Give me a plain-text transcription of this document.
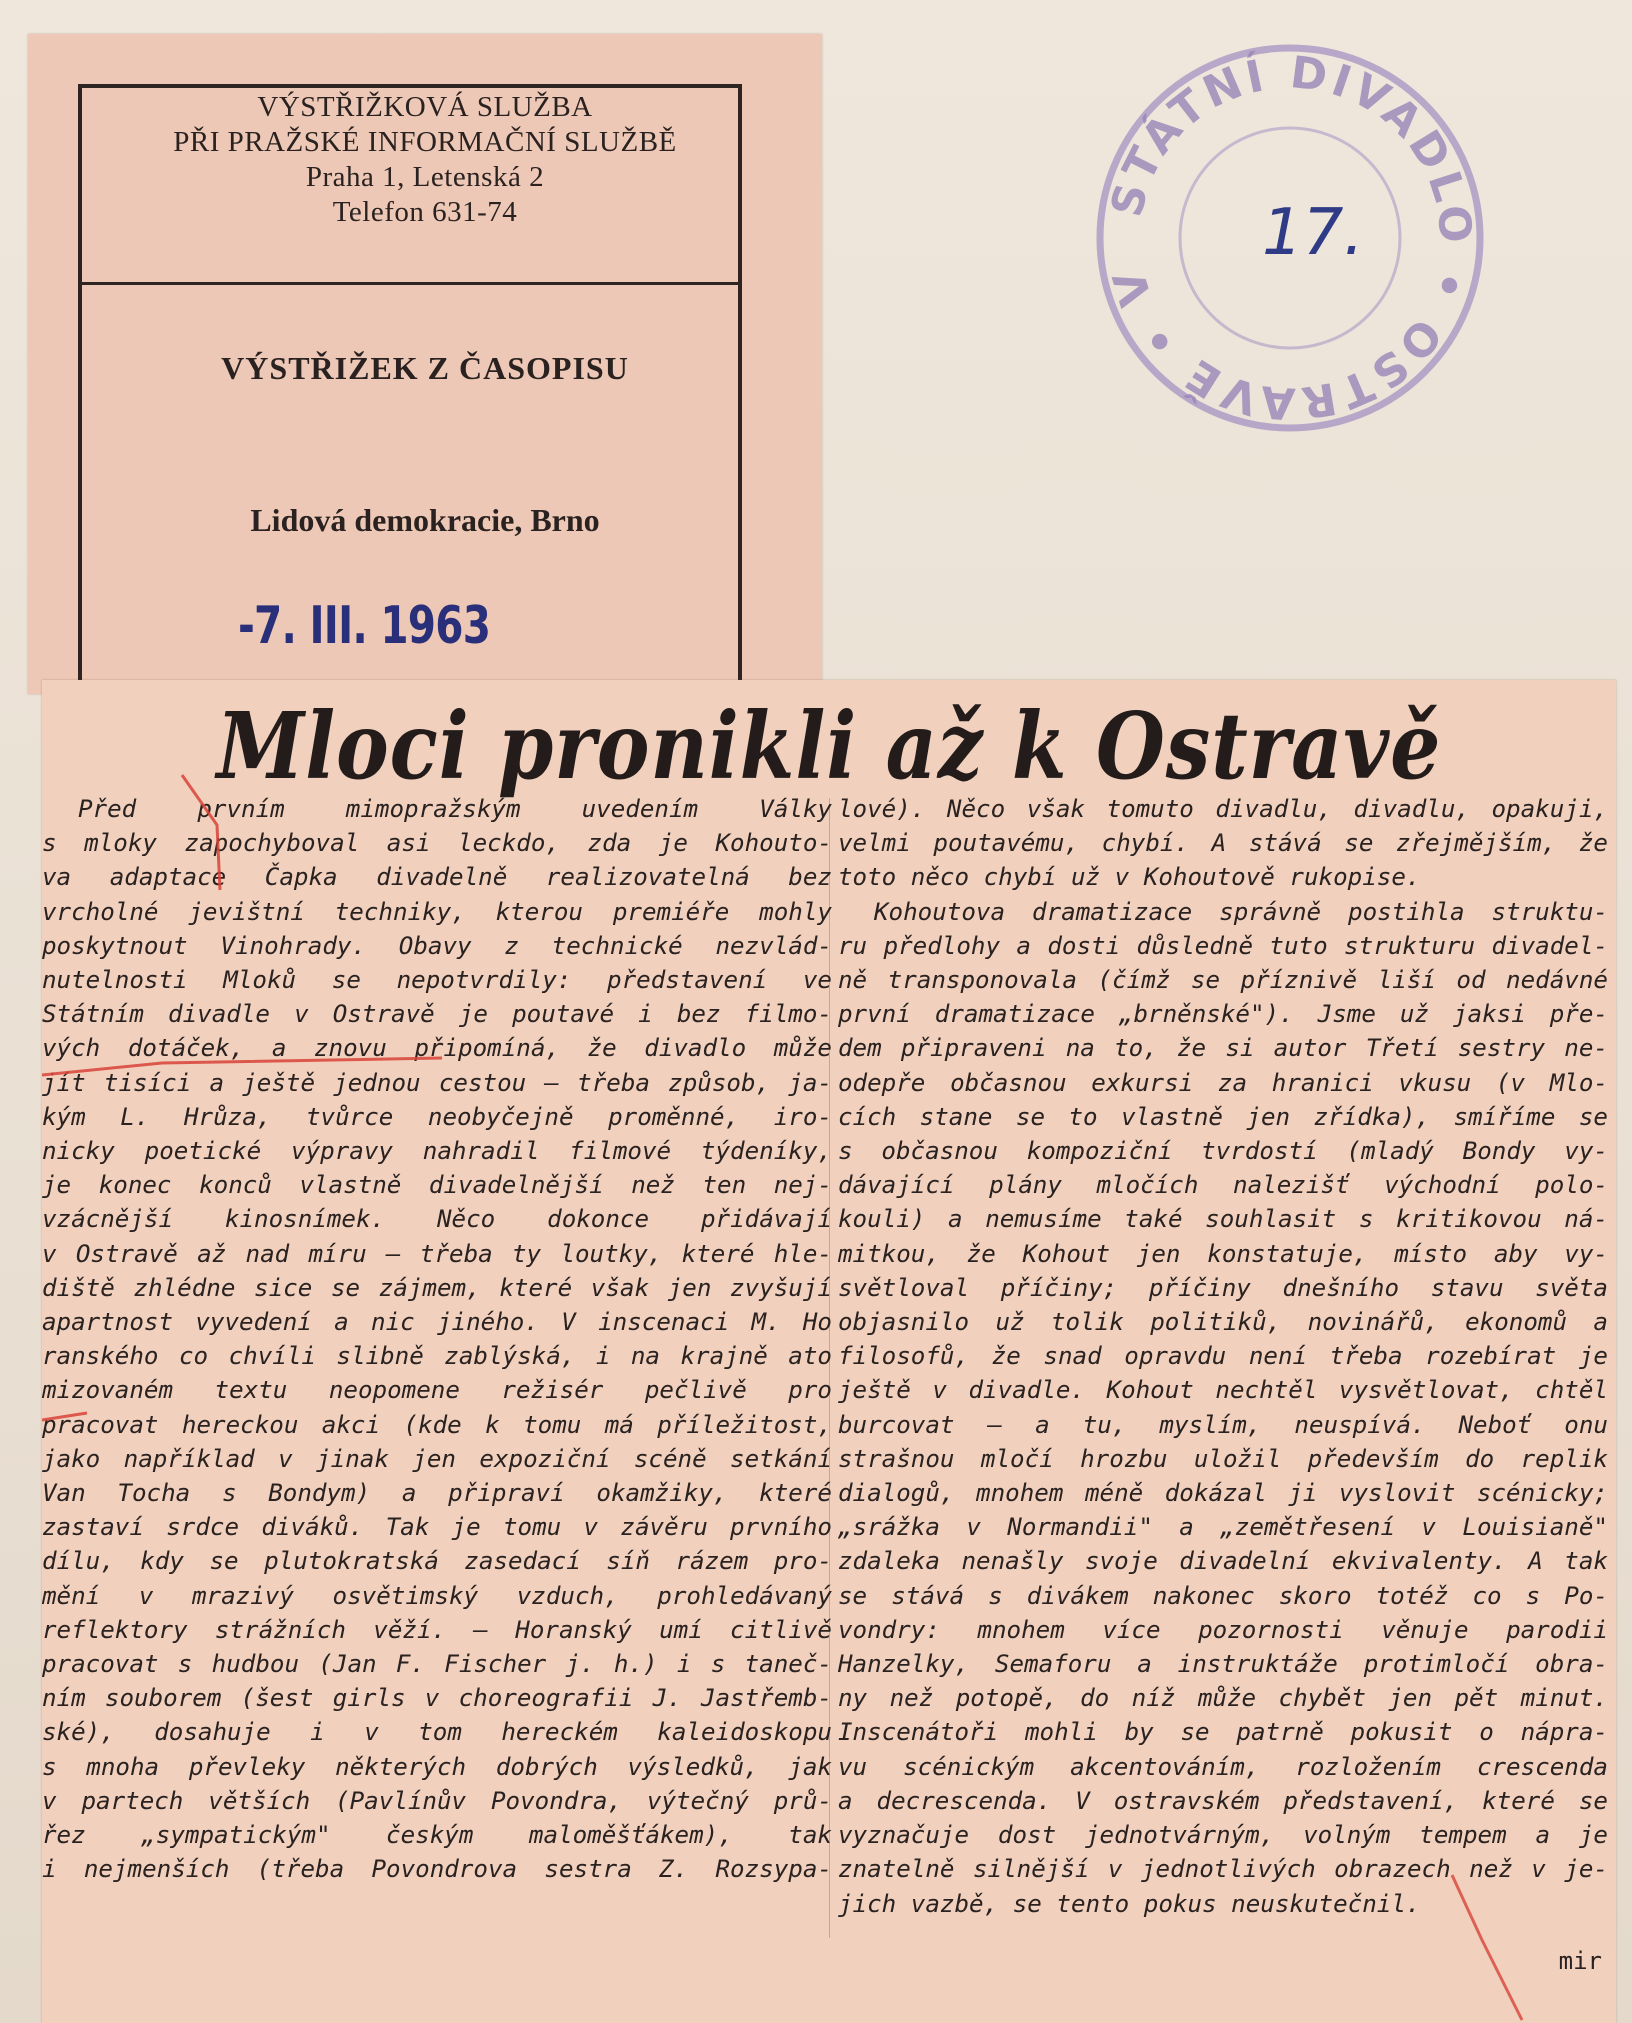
VÝSTŘIŽKOVÁ SLUŽBA
PŘI PRAŽSKÉ INFORMAČNÍ SLUŽBĚ
Praha 1, Letenská 2
Telefon 631-74
VÝSTŘIŽEK Z ČASOPISU
Lidová demokracie, Brno
-7. III. 1963
STÁTNÍ DIVADLO • OSTRAVĚ • V
17.
Mloci pronikli až k Ostravě
Před prvním mimopražským uvedením Války
s mloky zapochyboval asi leckdo, zda je Kohouto-
va adaptace Čapka divadelně realizovatelná bez
vrcholné jevištní techniky, kterou premiéře mohly
poskytnout Vinohrady. Obavy z technické nezvlád-
nutelnosti Mloků se nepotvrdily: představení ve
Státním divadle v Ostravě je poutavé i bez filmo-
vých dotáček, a znovu připomíná, že divadlo může
jít tisíci a ještě jednou cestou — třeba způsob, ja-
kým L. Hrůza, tvůrce neobyčejně proměnné, iro-
nicky poetické výpravy nahradil filmové týdeníky,
je konec konců vlastně divadelnější než ten nej-
vzácnější kinosnímek. Něco dokonce přidávají
v Ostravě až nad míru — třeba ty loutky, které hle-
diště zhlédne sice se zájmem, které však jen zvyšují
apartnost vyvedení a nic jiného. V inscenaci M. Ho
ranského co chvíli slibně zablýská, i na krajně ato
mizovaném textu neopomene režisér pečlivě pro
pracovat hereckou akci (kde k tomu má příležitost,
jako například v jinak jen expoziční scéně setkání
Van Tocha s Bondym) a připraví okamžiky, které
zastaví srdce diváků. Tak je tomu v závěru prvního
dílu, kdy se plutokratská zasedací síň rázem pro-
mění v mrazivý osvětimský vzduch, prohledávaný
reflektory strážních věží. — Horanský umí citlivě
pracovat s hudbou (Jan F. Fischer j. h.) i s taneč-
ním souborem (šest girls v choreografii J. Jastřemb-
ské), dosahuje i v tom hereckém kaleidoskopu
s mnoha převleky některých dobrých výsledků, jak
v partech větších (Pavlínův Povondra, výtečný prů-
řez „sympatickým" českým maloměšťákem), tak
i nejmenších (třeba Povondrova sestra Z. Rozsypa-
lové). Něco však tomuto divadlu, divadlu, opakuji,
velmi poutavému, chybí. A stává se zřejmějším, že
toto něco chybí už v Kohoutově rukopise.
Kohoutova dramatizace správně postihla struktu-
ru předlohy a dosti důsledně tuto strukturu divadel-
ně transponovala (čímž se příznivě liší od nedávné
první dramatizace „brněnské"). Jsme už jaksi pře-
dem připraveni na to, že si autor Třetí sestry ne-
odepře občasnou exkursi za hranici vkusu (v Mlo-
cích stane se to vlastně jen zřídka), smíříme se
s občasnou kompoziční tvrdostí (mladý Bondy vy-
dávající plány mločích nalezišť východní polo-
kouli) a nemusíme také souhlasit s kritikovou ná-
mitkou, že Kohout jen konstatuje, místo aby vy-
světloval příčiny; příčiny dnešního stavu světa
objasnilo už tolik politiků, novinářů, ekonomů a
filosofů, že snad opravdu není třeba rozebírat je
ještě v divadle. Kohout nechtěl vysvětlovat, chtěl
burcovat — a tu, myslím, neuspívá. Neboť onu
strašnou mločí hrozbu uložil především do replik
dialogů, mnohem méně dokázal ji vyslovit scénicky;
„srážka v Normandii" a „zemětřesení v Louisianě"
zdaleka nenašly svoje divadelní ekvivalenty. A tak
se stává s divákem nakonec skoro totéž co s Po-
vondry: mnohem více pozornosti věnuje parodii
Hanzelky, Semaforu a instruktáže protimločí obra-
ny než potopě, do níž může chybět jen pět minut.
Inscenátoři mohli by se patrně pokusit o nápra-
vu scénickým akcentováním, rozložením crescenda
a decrescenda. V ostravském představení, které se
vyznačuje dost jednotvárným, volným tempem a je
znatelně silnější v jednotlivých obrazech než v je-
jich vazbě, se tento pokus neuskutečnil.
mir
